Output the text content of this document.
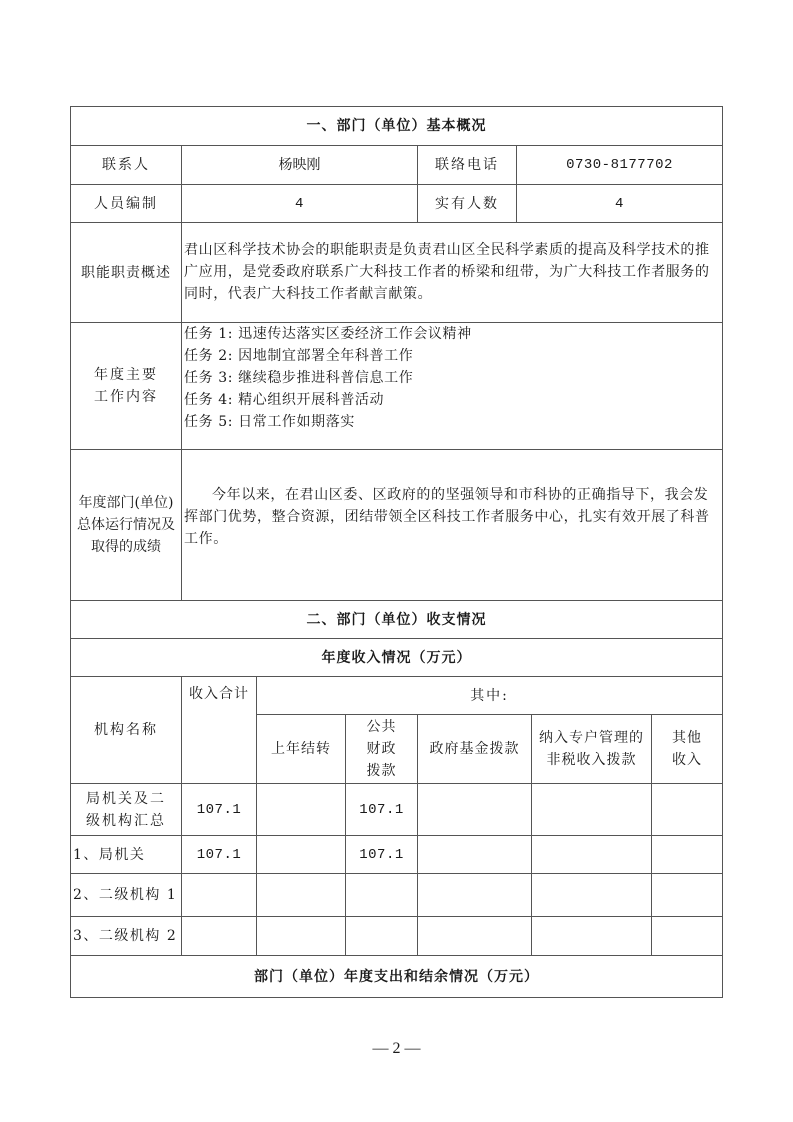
一、部门（单位）基本概况			
联系人	杨映刚	联络电话	0730-8177702
人员编制	4	实有人数	4
职能职责概述	君山区科学技术协会的职能职责是负责君山区全民科学素质的提高及科学技术的推广应用，是党委政府联系广大科技工作者的桥梁和纽带，为广大科技工作者服务的同时，代表广大科技工作者献言献策。		
年度主要
工作内容	任务 1: 迅速传达落实区委经济工作会议精神
任务 2: 因地制宜部署全年科普工作
任务 3: 继续稳步推进科普信息工作
任务 4: 精心组织开展科普活动
任务 5: 日常工作如期落实		

年度部门(单位)总体运行情况及取得的成绩	今年以来，在君山区委、区政府的的坚强领导和市科协的正确指导下，我会发挥部门优势，整合资源，团结带领全区科技工作者服务中心，扎实有效开展了科普工作。		
二、部门（单位）收支情况						
年度收入情况（万元）						
机构名称	收入合计	其中:				
		上年结转	公共财政拨款	政府基金拨款	纳入专户管理的非税收入拨款	其他收入
局机关及二级机构汇总	107.1		107.1			
1、局机关	107.1		107.1			
2、二级机构 1						
3、二级机构 2						
部门（单位）年度支出和结余情况（万元）						
— 2 —
